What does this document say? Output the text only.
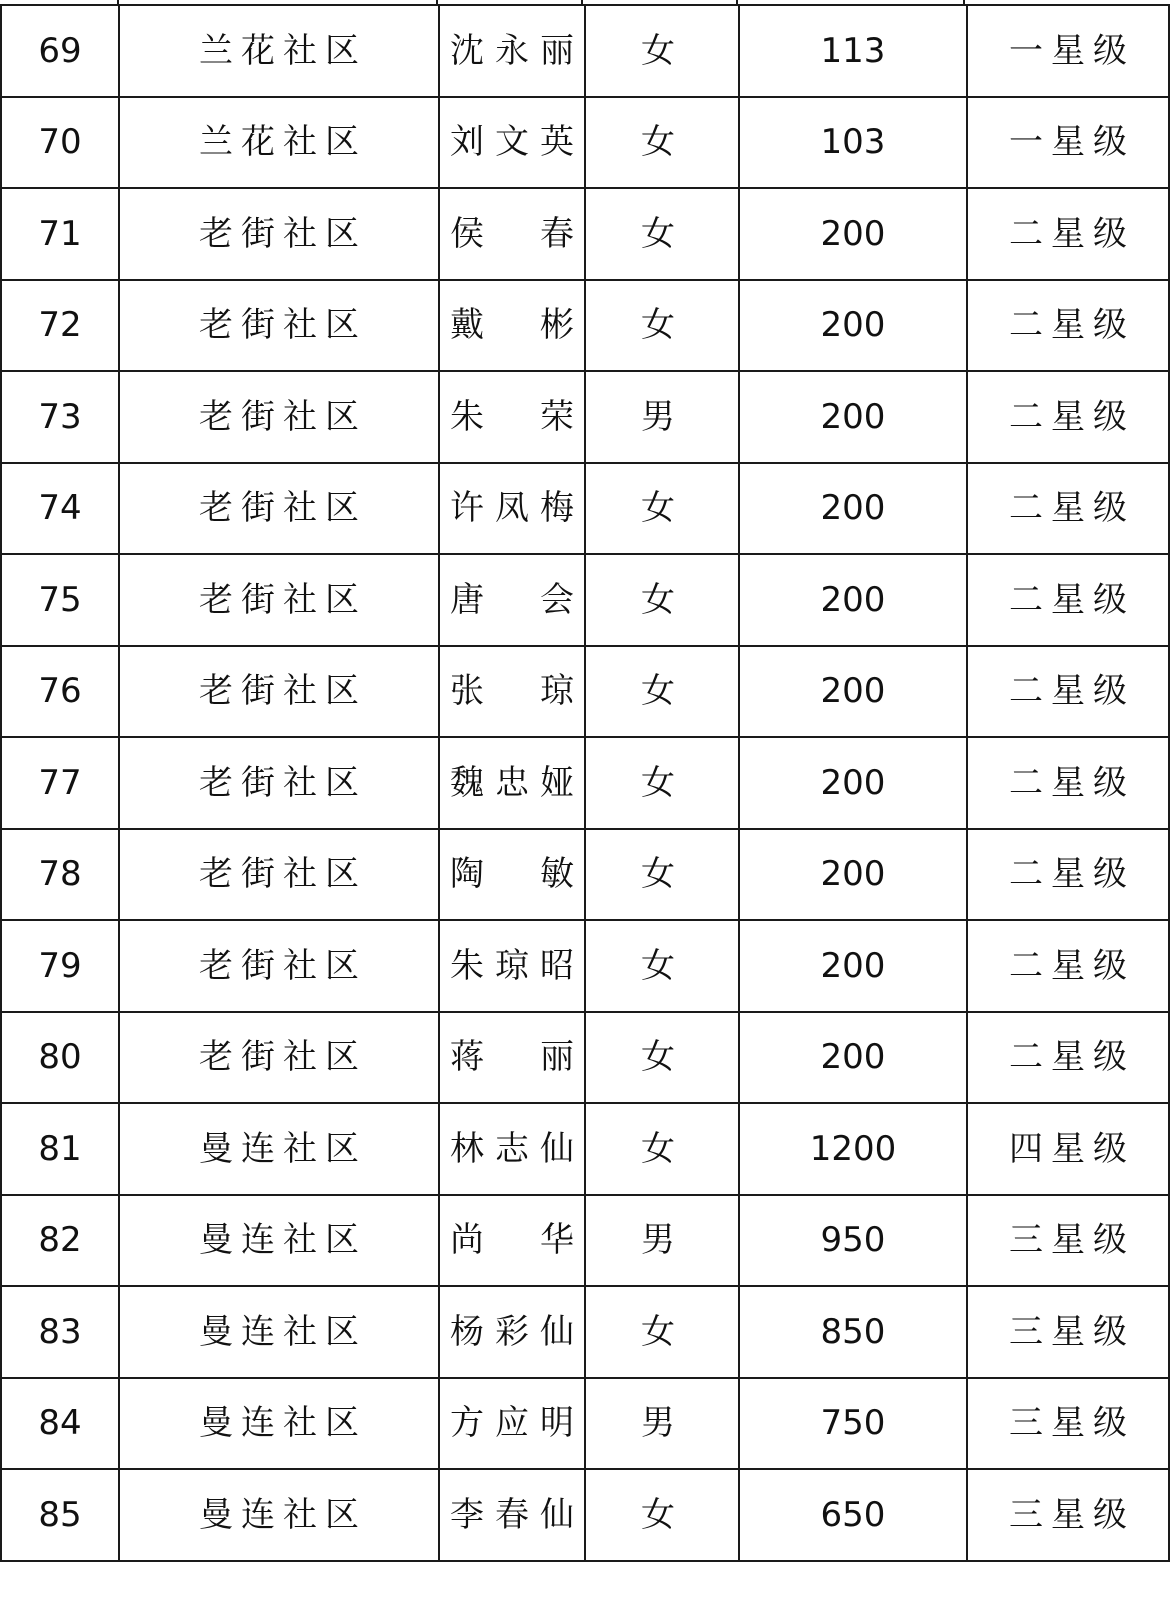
69	兰花社区	沈永丽	女	113	一星级
70	兰花社区	刘文英	女	103	一星级
71	老街社区	侯 春	女	200	二星级
72	老街社区	戴 彬	女	200	二星级
73	老街社区	朱 荣	男	200	二星级
74	老街社区	许凤梅	女	200	二星级
75	老街社区	唐 会	女	200	二星级
76	老街社区	张 琼	女	200	二星级
77	老街社区	魏忠娅	女	200	二星级
78	老街社区	陶 敏	女	200	二星级
79	老街社区	朱琼昭	女	200	二星级
80	老街社区	蒋 丽	女	200	二星级
81	曼连社区	林志仙	女	1200	四星级
82	曼连社区	尚 华	男	950	三星级
83	曼连社区	杨彩仙	女	850	三星级
84	曼连社区	方应明	男	750	三星级
85	曼连社区	李春仙	女	650	三星级
